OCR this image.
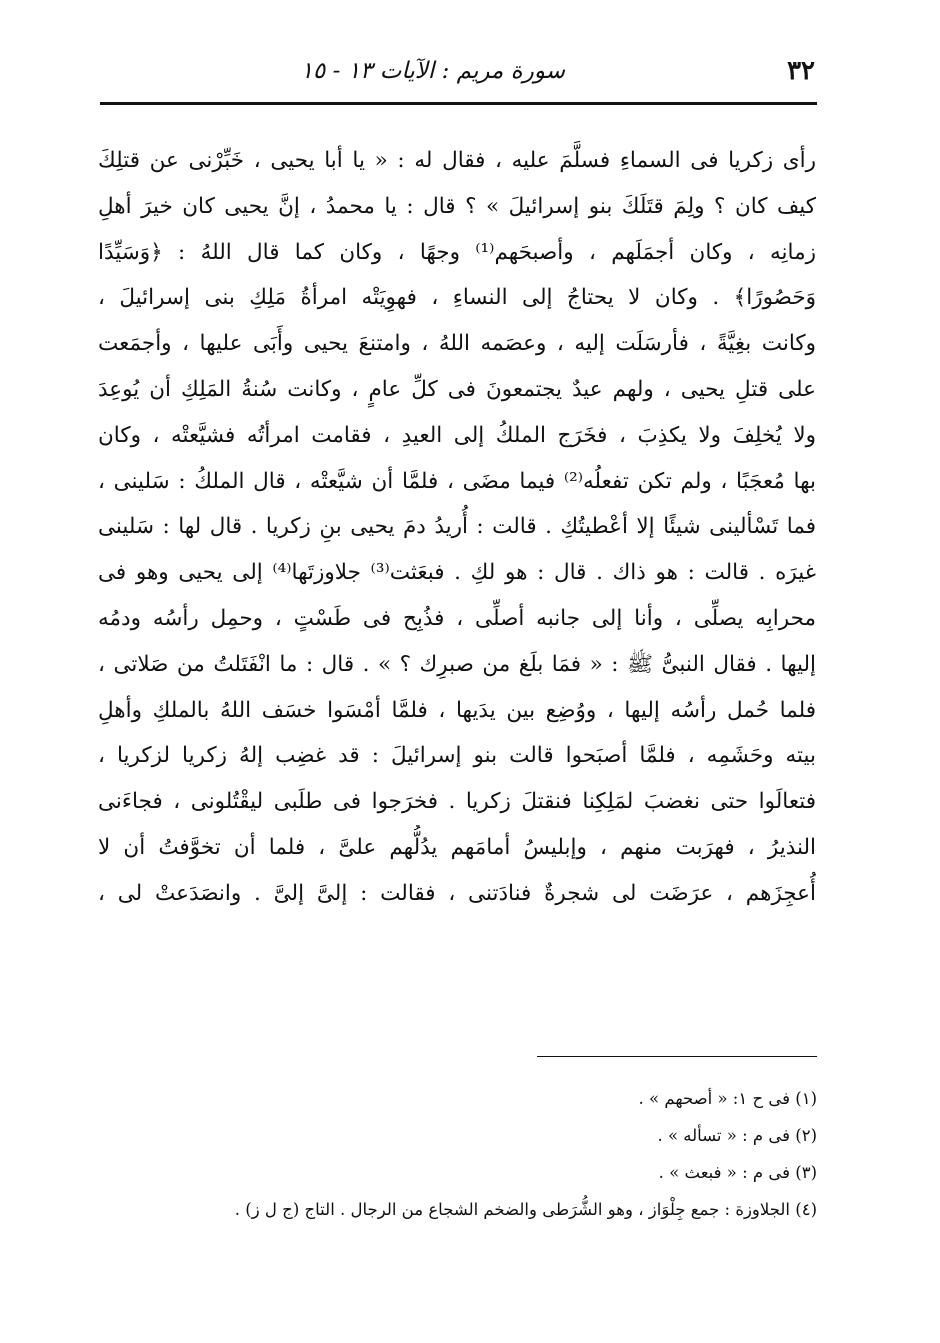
٣٢
سورة مريم : الآيات ١٣ - ١٥
رأى زكريا فى السماءِ فسلَّمَ عليه ، فقال له : « يا أبا يحيى ، خَبِّرْنى عن قتلِكَ
كيف كان ؟ ولِمَ قتَلَكَ بنو إسرائيلَ » ؟ قال : يا محمدُ ، إنَّ يحيى كان خيرَ أهلِ
زمانِه ، وكان أجمَلَهم ، وأصبحَهم⁽¹⁾ وجهًا ، وكان كما قال اللهُ : ﴿وَسَيِّدًا
وَحَصُورًا﴾ . وكان لا يحتاجُ إلى النساءِ ، فهوِيَتْه امرأةُ مَلِكِ بنى إسرائيلَ ،
وكانت بغِيَّةً ، فأرسَلَت إليه ، وعصَمه اللهُ ، وامتنعَ يحيى وأَبَى عليها ، وأجمَعت
على قتلِ يحيى ، ولهم عيدٌ يجتمعونَ فى كلِّ عامٍ ، وكانت سُنةُ المَلِكِ أن يُوعِدَ
ولا يُخلِفَ ولا يكذِبَ ، فخَرَج الملكُ إلى العيدِ ، فقامت امرأتُه فشيَّعتْه ، وكان
بها مُعجَبًا ، ولم تكن تفعلُه⁽²⁾ فيما مضَى ، فلمَّا أن شيَّعتْه ، قال الملكُ : سَلينى ،
فما تَسْألينى شيئًا إلا أعْطيتُكِ . قالت : أُريدُ دمَ يحيى بنِ زكريا . قال لها : سَلينى
غيرَه . قالت : هو ذاك . قال : هو لكِ . فبعَثت⁽³⁾ جلاوزتَها⁽⁴⁾ إلى يحيى وهو فى
محرابِه يصلِّى ، وأنا إلى جانبه أصلِّى ، فذُبِح فى طَسْتٍ ، وحمِل رأسُه ودمُه
إليها . فقال النبىُّ ﷺ : « فمَا بلَغ من صبرِك ؟ » . قال : ما انْفَتَلتُ من صَلاتى ،
فلما حُمل رأسُه إليها ، ووُضِع بين يدَيها ، فلمَّا أمْسَوا خسَف اللهُ بالملكِ وأهلِ
بيته وحَشَمِه ، فلمَّا أصبَحوا قالت بنو إسرائيلَ : قد غضِب إلهُ زكريا لزكريا ،
فتعالَوا حتى نغضبَ لمَلِكِنا فنقتلَ زكريا . فخرَجوا فى طلَبى ليقْتُلونى ، فجاءَنى
النذيرُ ، فهرَبت منهم ، وإبليسُ أمامَهم يدُلُّهم علىَّ ، فلما أن تخوَّفتُ أن لا
أُعجِزَهم ، عرَضَت لى شجرةٌ فنادَتنى ، فقالت : إلىَّ إلىَّ . وانصَدَعتْ لى ،
(١) فى ح ١: « أصحهم » .
(٢) فى م : « تسأله » .
(٣) فى م : « فبعث » .
(٤) الجلاوزة : جمع جِلْوَاز ، وهو الشُّرَطى والضخم الشجاع من الرجال . التاج (ج ل ز) .
